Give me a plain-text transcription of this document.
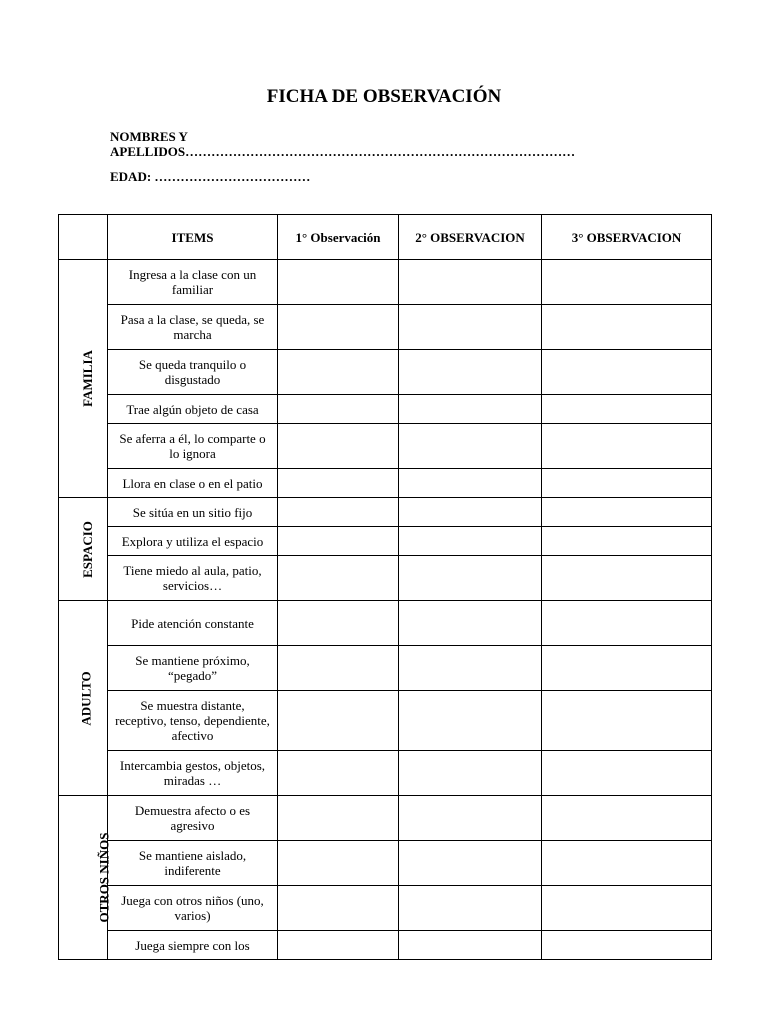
FICHA DE OBSERVACIÓN
NOMBRES Y
APELLIDOS………………………………………………………………………………
EDAD: ………………………………
	ITEMS	1° Observación	2° OBSERVACION	3° OBSERVACION
FAMILIA	Ingresa a la clase con un familiar			
	Pasa a la clase, se queda, se marcha			
	Se queda tranquilo o disgustado			
	Trae algún objeto de casa			
	Se aferra a él, lo comparte o lo ignora			
	Llora en clase o en el patio			
ESPACIO	Se sitúa en un sitio fijo			
	Explora y utiliza el espacio			
	Tiene miedo al aula, patio, servicios…			
ADULTO	Pide atención constante			
	Se mantiene próximo, “pegado”			
	Se muestra distante, receptivo, tenso, dependiente, afectivo			
	Intercambia gestos, objetos, miradas …			
OTROS NIÑOS	Demuestra afecto o es agresivo			
	Se mantiene aislado, indiferente			
	Juega con otros niños (uno, varios)			
	Juega siempre con los			
